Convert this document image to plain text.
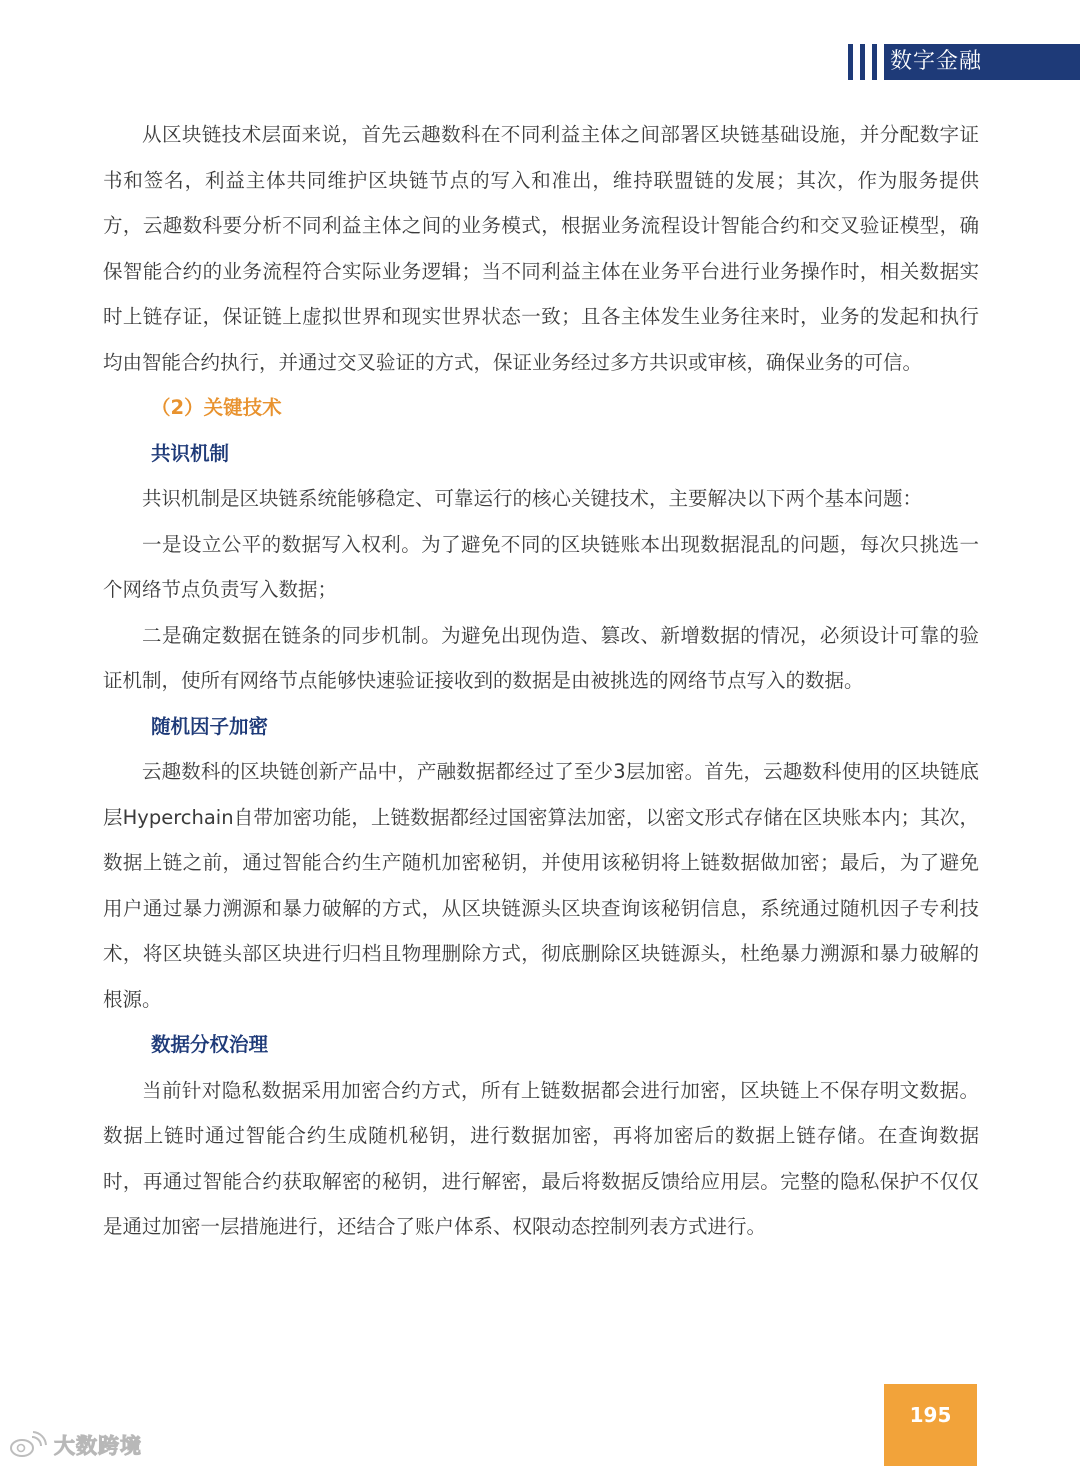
数字金融

从区块链技术层面来说，首先云趣数科在不同利益主体之间部署区块链基础设施，并分配数字证书和签名，利益主体共同维护区块链节点的写入和准出，维持联盟链的发展；其次，作为服务提供方，云趣数科要分析不同利益主体之间的业务模式，根据业务流程设计智能合约和交叉验证模型，确保智能合约的业务流程符合实际业务逻辑；当不同利益主体在业务平台进行业务操作时，相关数据实时上链存证，保证链上虚拟世界和现实世界状态一致；且各主体发生业务往来时，业务的发起和执行均由智能合约执行，并通过交叉验证的方式，保证业务经过多方共识或审核，确保业务的可信。

（2）关键技术

共识机制

共识机制是区块链系统能够稳定、可靠运行的核心关键技术，主要解决以下两个基本问题：

一是设立公平的数据写入权利。为了避免不同的区块链账本出现数据混乱的问题，每次只挑选一个网络节点负责写入数据；

二是确定数据在链条的同步机制。为避免出现伪造、篡改、新增数据的情况，必须设计可靠的验证机制，使所有网络节点能够快速验证接收到的数据是由被挑选的网络节点写入的数据。

随机因子加密

云趣数科的区块链创新产品中，产融数据都经过了至少3层加密。首先，云趣数科使用的区块链底层Hyperchain自带加密功能，上链数据都经过国密算法加密，以密文形式存储在区块账本内；其次，数据上链之前，通过智能合约生产随机加密秘钥，并使用该秘钥将上链数据做加密；最后，为了避免用户通过暴力溯源和暴力破解的方式，从区块链源头区块查询该秘钥信息，系统通过随机因子专利技术，将区块链头部区块进行归档且物理删除方式，彻底删除区块链源头，杜绝暴力溯源和暴力破解的根源。

数据分权治理

当前针对隐私数据采用加密合约方式，所有上链数据都会进行加密，区块链上不保存明文数据。数据上链时通过智能合约生成随机秘钥，进行数据加密，再将加密后的数据上链存储。在查询数据时，再通过智能合约获取解密的秘钥，进行解密，最后将数据反馈给应用层。完整的隐私保护不仅仅是通过加密一层措施进行，还结合了账户体系、权限动态控制列表方式进行。

195
大数跨境
